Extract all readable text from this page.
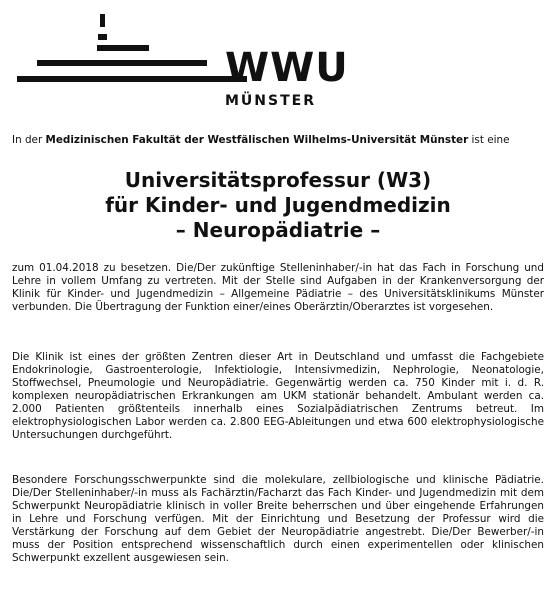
WWU
MÜNSTER

In der Medizinischen Fakultät der Westfälischen Wilhelms-Universität Münster ist eine

Universitätsprofessur (W3)
für Kinder- und Jugendmedizin
– Neuropädiatrie –

zum 01.04.2018 zu besetzen. Die/Der zukünftige Stelleninhaber/-in hat das Fach in Forschung und Lehre in vollem Umfang zu vertreten. Mit der Stelle sind Aufgaben in der Krankenversorgung der Klinik für Kinder- und Jugendmedizin – Allgemeine Pädiatrie – des Universitätsklinikums Münster verbunden. Die Übertragung der Funktion einer/eines Oberärztin/Oberarztes ist vorgesehen.

Die Klinik ist eines der größten Zentren dieser Art in Deutschland und umfasst die Fachgebiete Endokrinologie, Gastroenterologie, Infektiologie, Intensivmedizin, Nephrologie, Neonatologie, Stoffwechsel, Pneumologie und Neuropädiatrie. Gegenwärtig werden ca. 750 Kinder mit i. d. R. komplexen neuropädiatrischen Erkrankungen am UKM stationär behandelt. Ambulant werden ca. 2.000 Patienten größtenteils innerhalb eines Sozialpädiatrischen Zentrums betreut. Im elektrophysiologischen Labor werden ca. 2.800 EEG-Ableitungen und etwa 600 elektrophysiologische Untersuchungen durchgeführt.

Besondere Forschungsschwerpunkte sind die molekulare, zellbiologische und klinische Pädiatrie. Die/Der Stelleninhaber/-in muss als Fachärztin/Facharzt das Fach Kinder- und Jugendmedizin mit dem Schwerpunkt Neuropädiatrie klinisch in voller Breite beherrschen und über eingehende Erfahrungen in Lehre und Forschung verfügen. Mit der Einrichtung und Besetzung der Professur wird die Verstärkung der Forschung auf dem Gebiet der Neuropädiatrie angestrebt. Die/Der Bewerber/-in muss der Position entsprechend wissenschaftlich durch einen experimentellen oder klinischen Schwerpunkt exzellent ausgewiesen sein.
